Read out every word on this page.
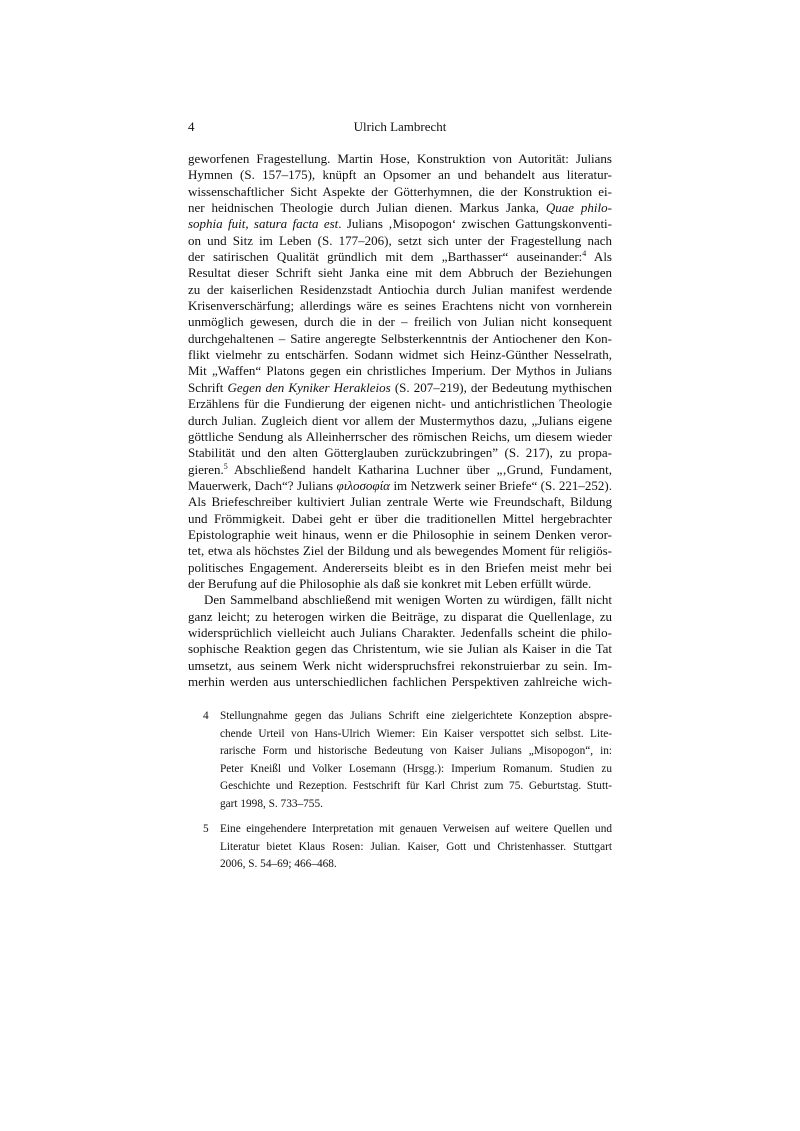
4	Ulrich Lambrecht
geworfenen Fragestellung. Martin Hose, Konstruktion von Autorität: Julians
Hymnen (S. 157–175), knüpft an Opsomer an und behandelt aus literatur-
wissenschaftlicher Sicht Aspekte der Götterhymnen, die der Konstruktion ei-
ner heidnischen Theologie durch Julian dienen. Markus Janka, Quae philo-
sophia fuit, satura facta est. Julians ‚Misopogon‘ zwischen Gattungskonventi-
on und Sitz im Leben (S. 177–206), setzt sich unter der Fragestellung nach
der satirischen Qualität gründlich mit dem „Barthasser“ auseinander:$^4$ Als
Resultat dieser Schrift sieht Janka eine mit dem Abbruch der Beziehungen
zu der kaiserlichen Residenzstadt Antiochia durch Julian manifest werdende
Krisenverschärfung; allerdings wäre es seines Erachtens nicht von vornherein
unmöglich gewesen, durch die in der – freilich von Julian nicht konsequent
durchgehaltenen – Satire angeregte Selbsterkenntnis der Antiochener den Kon-
flikt vielmehr zu entschärfen. Sodann widmet sich Heinz-Günther Nesselrath,
Mit „Waffen“ Platons gegen ein christliches Imperium. Der Mythos in Julians
Schrift Gegen den Kyniker Herakleios (S. 207–219), der Bedeutung mythischen
Erzählens für die Fundierung der eigenen nicht- und antichristlichen Theologie
durch Julian. Zugleich dient vor allem der Mustermythos dazu, „Julians eigene
göttliche Sendung als Alleinherrscher des römischen Reichs, um diesem wieder
Stabilität und den alten Götterglauben zurückzubringen” (S. 217), zu propa-
gieren.$^5$ Abschließend handelt Katharina Luchner über „‚Grund, Fundament,
Mauerwerk, Dach“? Julians φιλοσοφία im Netzwerk seiner Briefe“ (S. 221–252).
Als Briefeschreiber kultiviert Julian zentrale Werte wie Freundschaft, Bildung
und Frömmigkeit. Dabei geht er über die traditionellen Mittel hergebrachter
Epistolographie weit hinaus, wenn er die Philosophie in seinem Denken veror-
tet, etwa als höchstes Ziel der Bildung und als bewegendes Moment für religiös-
politisches Engagement. Andererseits bleibt es in den Briefen meist mehr bei
der Berufung auf die Philosophie als daß sie konkret mit Leben erfüllt würde.
Den Sammelband abschließend mit wenigen Worten zu würdigen, fällt nicht
ganz leicht; zu heterogen wirken die Beiträge, zu disparat die Quellenlage, zu
widersprüchlich vielleicht auch Julians Charakter. Jedenfalls scheint die philo-
sophische Reaktion gegen das Christentum, wie sie Julian als Kaiser in die Tat
umsetzt, aus seinem Werk nicht widerspruchsfrei rekonstruierbar zu sein. Im-
merhin werden aus unterschiedlichen fachlichen Perspektiven zahlreiche wich-
4 Stellungnahme gegen das Julians Schrift eine zielgerichtete Konzeption absprе-
chende Urteil von Hans-Ulrich Wiemer: Ein Kaiser verspottet sich selbst. Lite-
rarische Form und historische Bedeutung von Kaiser Julians „Misopogon“, in:
Peter Kneißl und Volker Losemann (Hrsgg.): Imperium Romanum. Studien zu
Geschichte und Rezeption. Festschrift für Karl Christ zum 75. Geburtstag. Stutt-
gart 1998, S. 733–755.
5 Eine eingehendere Interpretation mit genauen Verweisen auf weitere Quellen und
Literatur bietet Klaus Rosen: Julian. Kaiser, Gott und Christenhasser. Stuttgart
2006, S. 54–69; 466–468.
